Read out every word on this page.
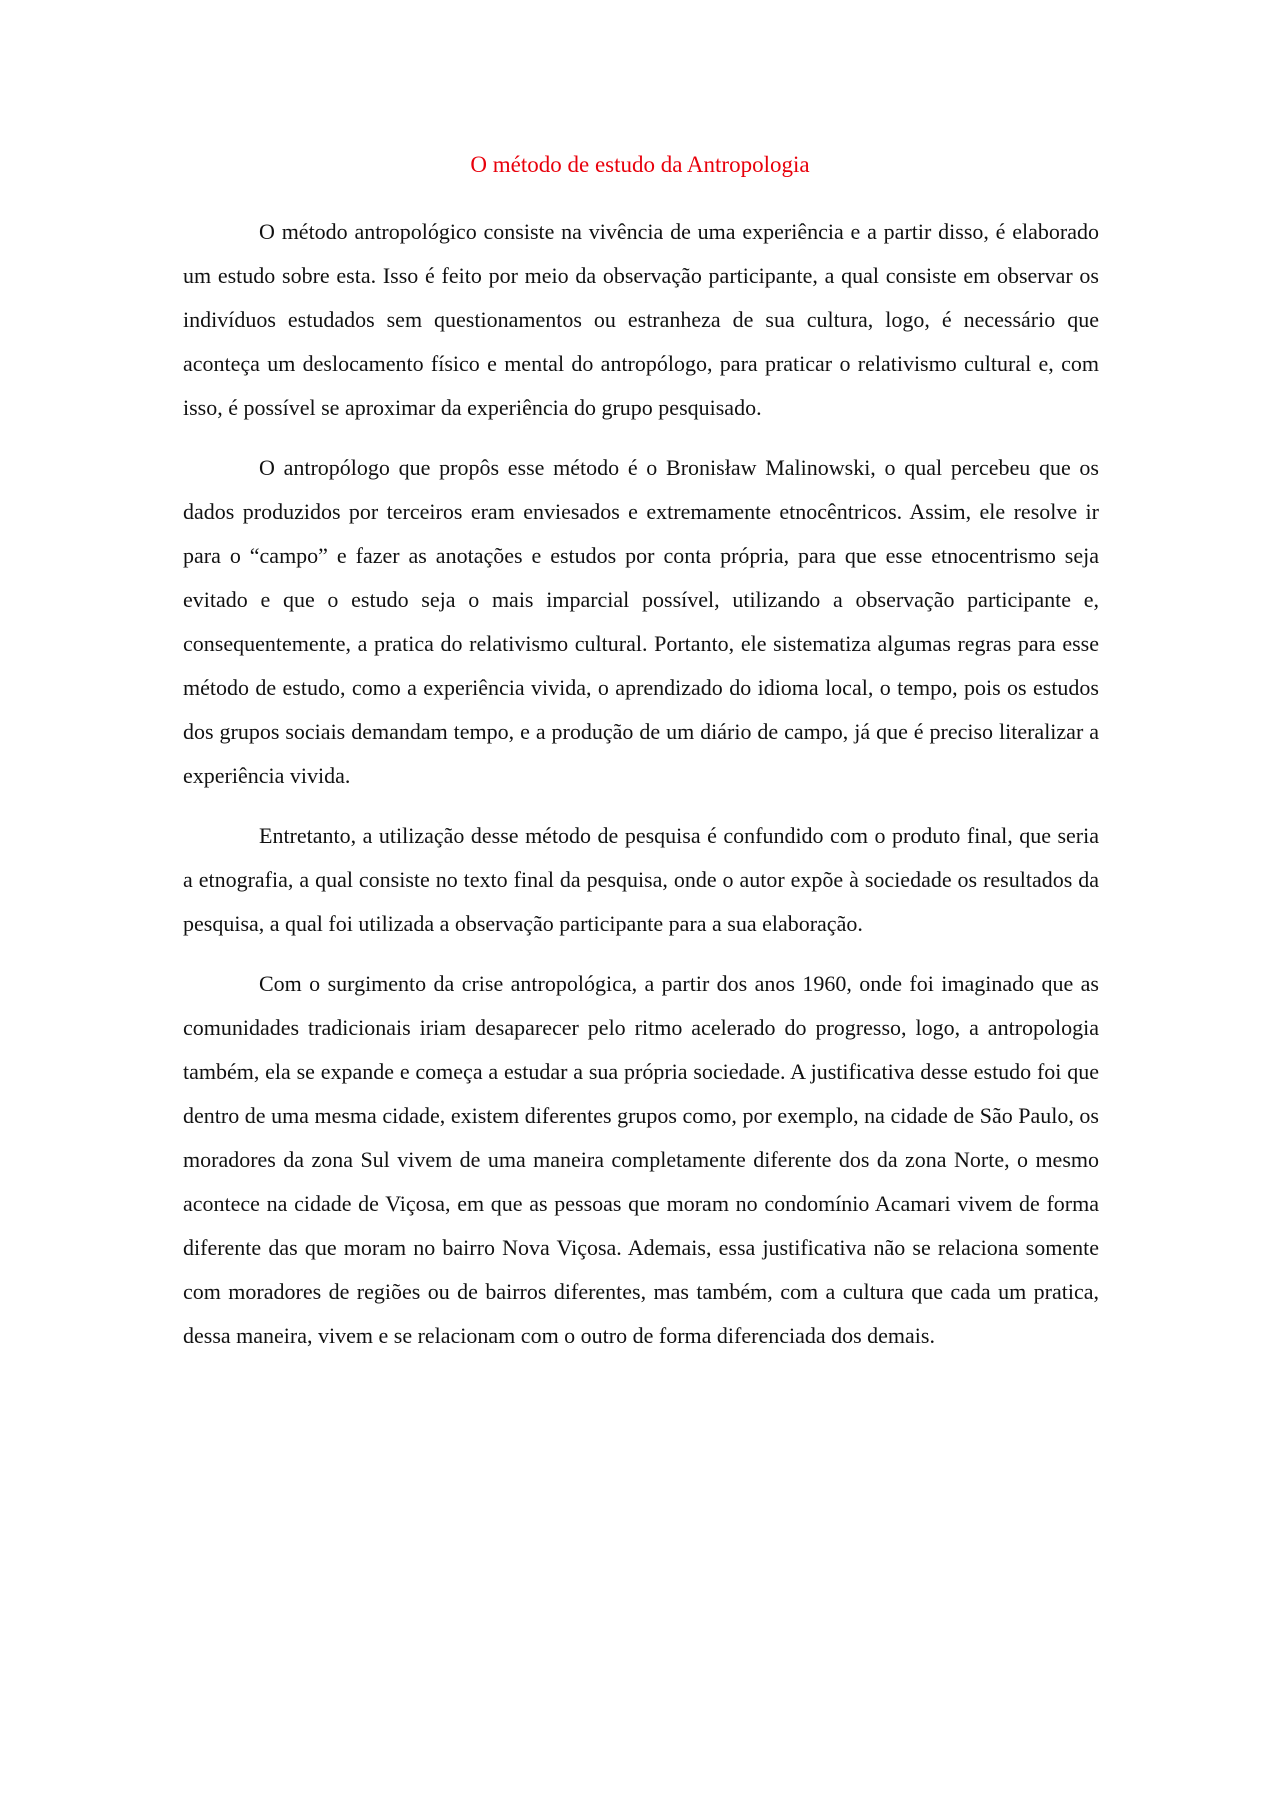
O método de estudo da Antropologia

O método antropológico consiste na vivência de uma experiência e a partir disso, é elaborado um estudo sobre esta. Isso é feito por meio da observação participante, a qual consiste em observar os indivíduos estudados sem questionamentos ou estranheza de sua cultura, logo, é necessário que aconteça um deslocamento físico e mental do antropólogo, para praticar o relativismo cultural e, com isso, é possível se aproximar da experiência do grupo pesquisado.

O antropólogo que propôs esse método é o Bronisław Malinowski, o qual percebeu que os dados produzidos por terceiros eram enviesados e extremamente etnocêntricos. Assim, ele resolve ir para o “campo” e fazer as anotações e estudos por conta própria, para que esse etnocentrismo seja evitado e que o estudo seja o mais imparcial possível, utilizando a observação participante e, consequentemente, a pratica do relativismo cultural. Portanto, ele sistematiza algumas regras para esse método de estudo, como a experiência vivida, o aprendizado do idioma local, o tempo, pois os estudos dos grupos sociais demandam tempo, e a produção de um diário de campo, já que é preciso literalizar a experiência vivida.

Entretanto, a utilização desse método de pesquisa é confundido com o produto final, que seria a etnografia, a qual consiste no texto final da pesquisa, onde o autor expõe à sociedade os resultados da pesquisa, a qual foi utilizada a observação participante para a sua elaboração.

Com o surgimento da crise antropológica, a partir dos anos 1960, onde foi imaginado que as comunidades tradicionais iriam desaparecer pelo ritmo acelerado do progresso, logo, a antropologia também, ela se expande e começa a estudar a sua própria sociedade. A justificativa desse estudo foi que dentro de uma mesma cidade, existem diferentes grupos como, por exemplo, na cidade de São Paulo, os moradores da zona Sul vivem de uma maneira completamente diferente dos da zona Norte, o mesmo acontece na cidade de Viçosa, em que as pessoas que moram no condomínio Acamari vivem de forma diferente das que moram no bairro Nova Viçosa. Ademais, essa justificativa não se relaciona somente com moradores de regiões ou de bairros diferentes, mas também, com a cultura que cada um pratica, dessa maneira, vivem e se relacionam com o outro de forma diferenciada dos demais.
